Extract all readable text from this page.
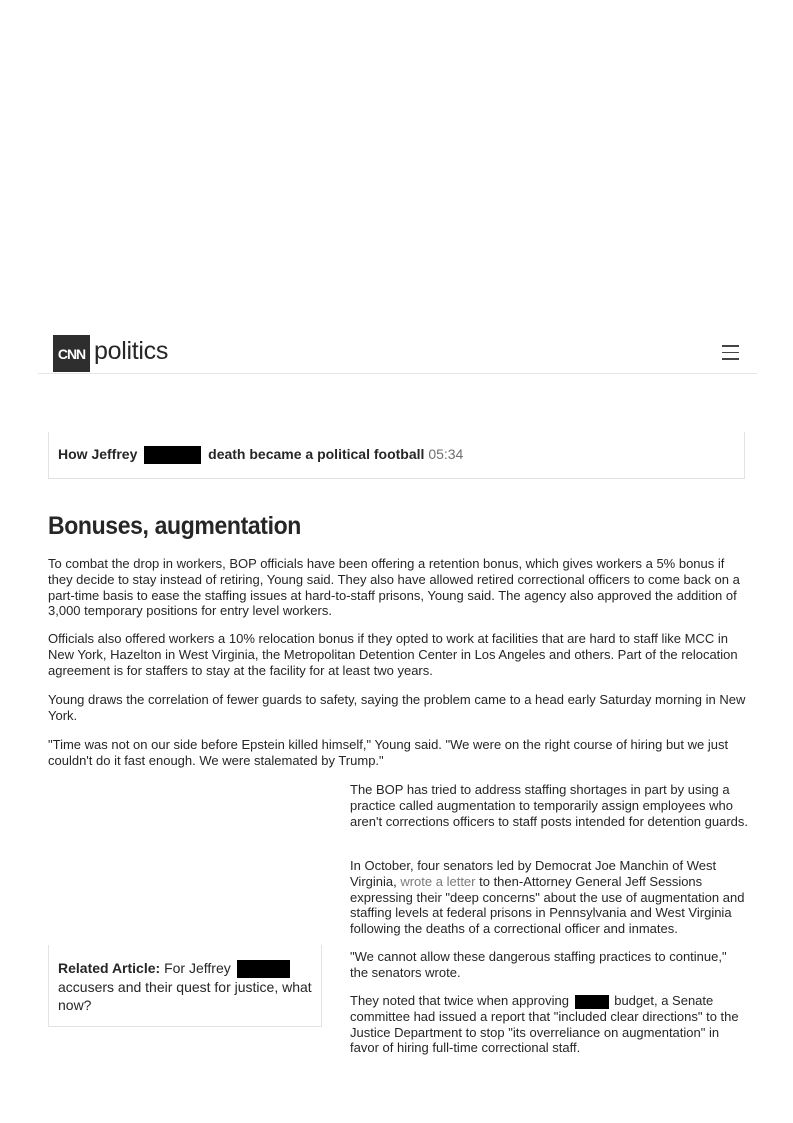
CNN politics
How Jeffrey	death became a political football 05:34
Bonuses, augmentation

To combat the drop in workers, BOP officials have been offering a retention bonus, which gives workers a 5% bonus if they decide to stay instead of retiring, Young said. They also have allowed retired correctional officers to come back on a part-time basis to ease the staffing issues at hard-to-staff prisons, Young said. The agency also approved the addition of 3,000 temporary positions for entry level workers.

Officials also offered workers a 10% relocation bonus if they opted to work at facilities that are hard to staff like MCC in New York, Hazelton in West Virginia, the Metropolitan Detention Center in Los Angeles and others. Part of the relocation agreement is for staffers to stay at the facility for at least two years.

Young draws the correlation of fewer guards to safety, saying the problem came to a head early Saturday morning in New York.

"Time was not on our side before Epstein killed himself," Young said. "We were on the right course of hiring but we just couldn't do it fast enough. We were stalemated by Trump."

The BOP has tried to address staffing shortages in part by using a practice called augmentation to temporarily assign employees who aren't corrections officers to staff posts intended for detention guards.

In October, four senators led by Democrat Joe Manchin of West Virginia, wrote a letter to then-Attorney General Jeff Sessions expressing their "deep concerns" about the use of augmentation and staffing levels at federal prisons in Pennsylvania and West Virginia following the deaths of a correctional officer and inmates.

"We cannot allow these dangerous staffing practices to continue," the senators wrote.

They noted that twice when approving	budget, a Senate committee had issued a report that "included clear directions" to the Justice Department to stop "its overreliance on augmentation" in favor of hiring full-time correctional staff.

Related Article: For Jeffrey  accusers and their quest for justice, what now?
